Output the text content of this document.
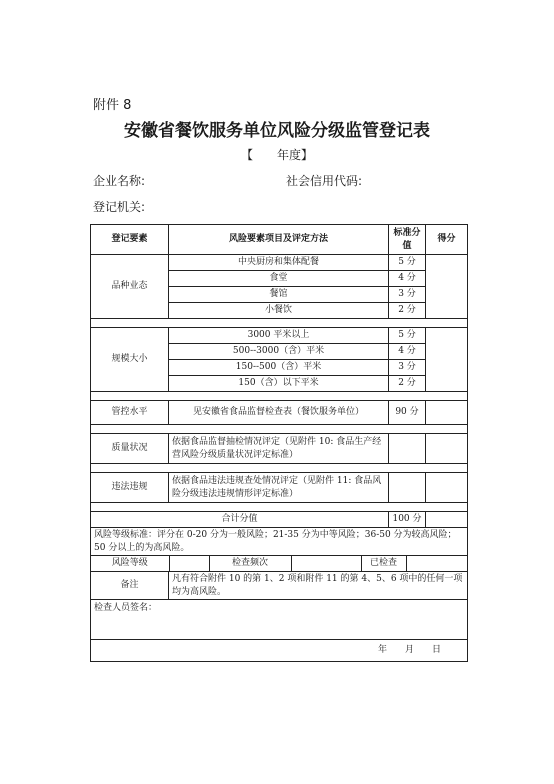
附件 8
安徽省餐饮服务单位风险分级监管登记表
【 年度】
企业名称:	社会信用代码:
登记机关:
登记要素	风险要素项目及评定方法	标准分值	得分
品种业态	中央厨房和集体配餐	5 分	
食堂	4 分
餐馆	3 分
小餐饮	2 分

规模大小	3000 平米以上	5 分	
500--3000（含）平米	4 分
150--500（含）平米	3 分
150（含）以下平米	2 分

管控水平	见安徽省食品监督检查表（餐饮服务单位）	90 分	

质量状况	依据食品监督抽检情况评定（见附件 10: 食品生产经营风险分级质量状况评定标准）		

违法违规	依据食品违法违规查处情况评定（见附件 11: 食品风险分级违法违规情形评定标准）		

合计分值	100 分	
风险等级标准：评分在 0-20 分为一般风险；21-35 分为中等风险；36-50 分为较高风险；50 分以上的为高风险。

风险等级		检查频次		已检查	

备注	凡有符合附件 10 的第 1、2 项和附件 11 的第 4、5、6 项中的任何一项均为高风险。
检查人员签名：
年　　月　　日
